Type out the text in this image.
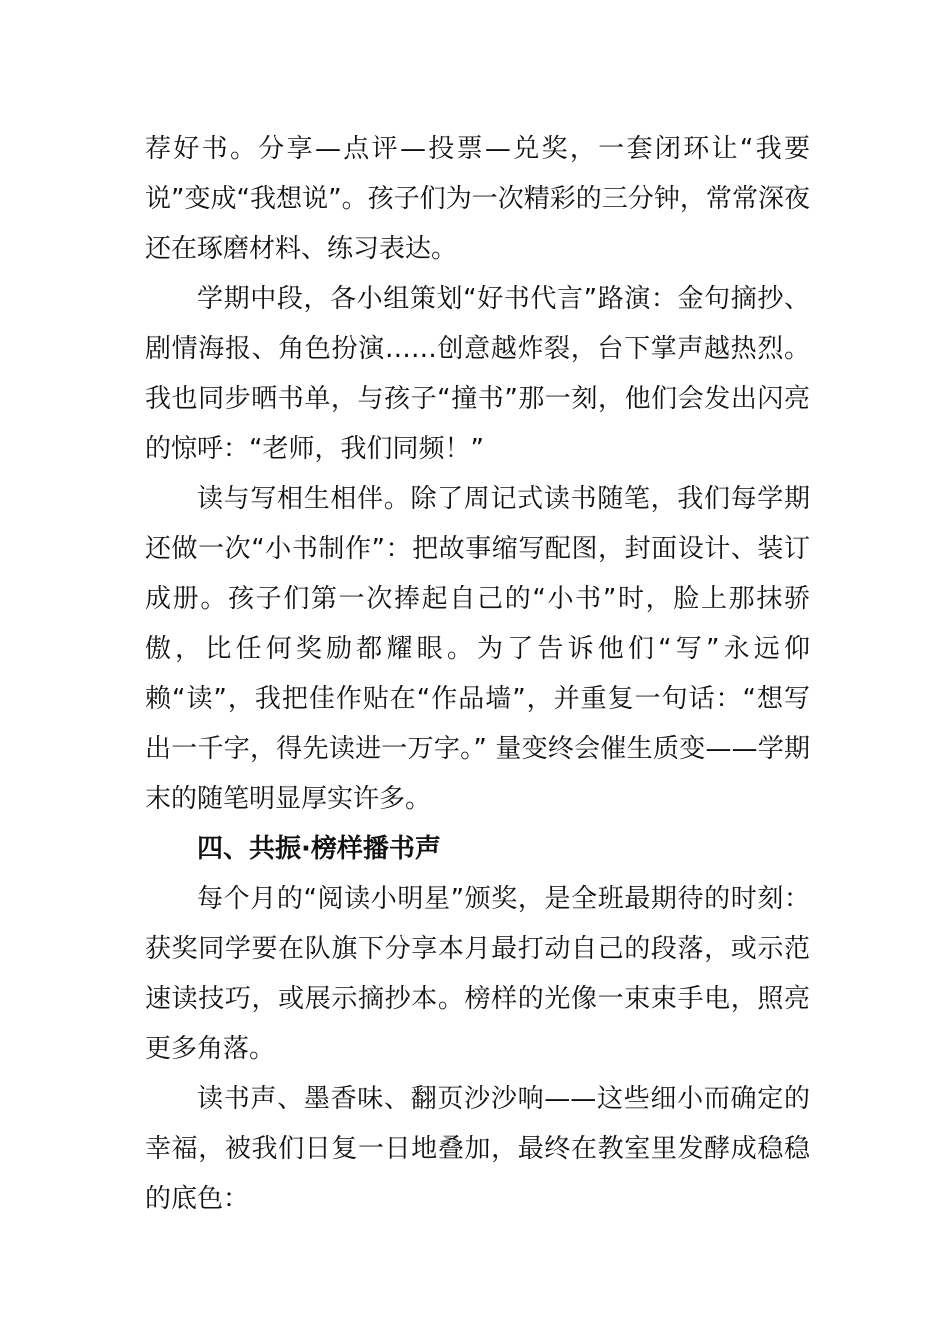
荐好书。分享—点评—投票—兑奖，一套闭环让“我要说”变成“我想说”。孩子们为一次精彩的三分钟，常常深夜还在琢磨材料、练习表达。

学期中段，各小组策划“好书代言”路演：金句摘抄、剧情海报、角色扮演……创意越炸裂，台下掌声越热烈。我也同步晒书单，与孩子“撞书”那一刻，他们会发出闪亮的惊呼：“老师，我们同频！”

读与写相生相伴。除了周记式读书随笔，我们每学期还做一次“小书制作”：把故事缩写配图，封面设计、装订成册。孩子们第一次捧起自己的“小书”时，脸上那抹骄傲，比任何奖励都耀眼。为了告诉他们“写”永远仰赖“读”，我把佳作贴在“作品墙”，并重复一句话：“想写出一千字，得先读进一万字。” 量变终会催生质变——学期末的随笔明显厚实许多。

四、共振·榜样播书声

每个月的“阅读小明星”颁奖，是全班最期待的时刻：获奖同学要在队旗下分享本月最打动自己的段落，或示范速读技巧，或展示摘抄本。榜样的光像一束束手电，照亮更多角落。

读书声、墨香味、翻页沙沙响——这些细小而确定的幸福，被我们日复一日地叠加，最终在教室里发酵成稳稳的底色：
